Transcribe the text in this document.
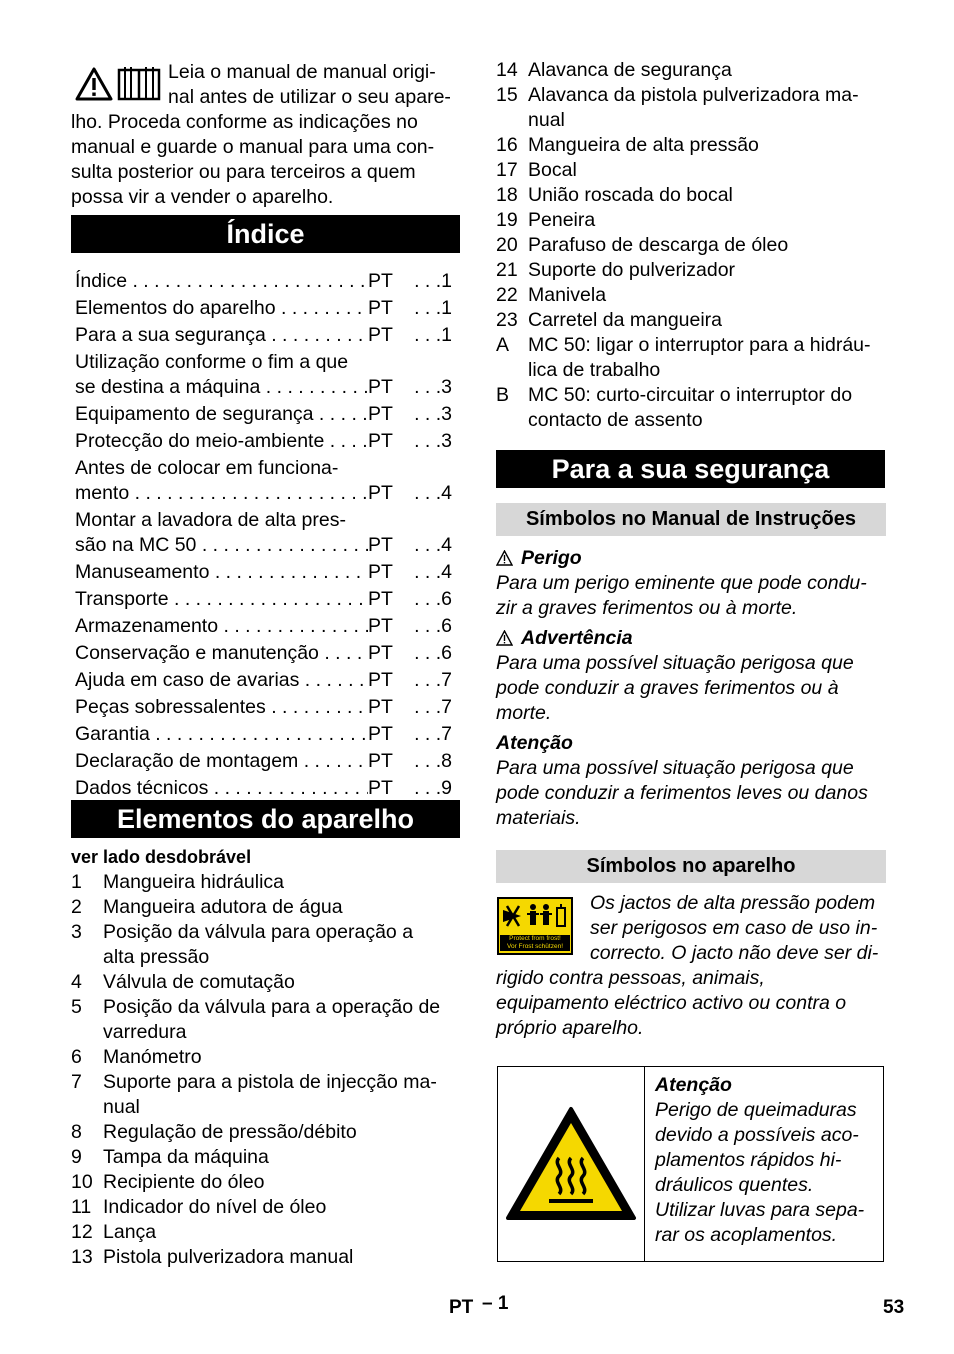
Leia o manual de manual origi-

nal antes de utilizar o seu apare-

lho. Proceda conforme as indicações no

manual e guarde o manual para uma con-

sulta posterior ou para terceiros a quem

possa vir a vender o aparelho.

Índice
Índice . . .	PT	. . .1
Elementos do aparelho . . .	PT	. . .1
Para a sua segurança . . .	PT	. . .1
Utilização conforme o fim a que
se destina a máquina . . .	PT	. . .3
Equipamento de segurança . . .	PT	. . .3
Protecção do meio-ambiente . . .	PT	. . .3
Antes de colocar em funciona-
mento . . .	PT	. . .4
Montar a lavadora de alta pres-
são na MC 50 . . .	PT	. . .4
Manuseamento . . .	PT	. . .4
Transporte . . .	PT	. . .6
Armazenamento . . .	PT	. . .6
Conservação e manutenção . . .	PT	. . .6
Ajuda em caso de avarias . . .	PT	. . .7
Peças sobressalentes . . .	PT	. . .7
Garantia . . .	PT	. . .7
Declaração de montagem . . .	PT	. . .8
Dados técnicos . . .	PT	. . .9
Elementos do aparelho

ver lado desdobrável

1	Mangueira hidráulica
2	Mangueira adutora de água
3	Posição da válvula para operação a
alta pressão
4	Válvula de comutação
5	Posição da válvula para a operação de
varredura
6	Manómetro
7	Suporte para a pistola de injecção ma-
nual
8	Regulação de pressão/débito
9	Tampa da máquina
10 Recipiente do óleo
11 Indicador do nível de óleo
12 Lança
13 Pistola pulverizadora manual
14 Alavanca de segurança
15 Alavanca da pistola pulverizadora ma-
nual
16 Mangueira de alta pressão
17 Bocal
18 União roscada do bocal
19 Peneira
20 Parafuso de descarga de óleo
21 Suporte do pulverizador
22 Manivela
23 Carretel da mangueira
A MC 50: ligar o interruptor para a hidráu-
lica de trabalho
B MC 50: curto-circuitar o interruptor do
contacto de assento
Para a sua segurança
Símbolos no Manual de Instruções

Perigo

Para um perigo eminente que pode condu-

zir a graves ferimentos ou à morte.

Advertência

Para uma possível situação perigosa que

pode conduzir a graves ferimentos ou à

morte.

Atenção

Para uma possível situação perigosa que

pode conduzir a ferimentos leves ou danos

materiais.

Símbolos no aparelho
Protect from frost!
Vor Frost schützen!

Os jactos de alta pressão podem

ser perigosos em caso de uso in-

correcto. O jacto não deve ser di-

rigido contra pessoas, animais,

equipamento eléctrico activo ou contra o

próprio aparelho.

Atenção

Perigo de queimaduras

devido a possíveis aco-

plamentos rápidos hi-

dráulicos quentes.

Utilizar luvas para sepa-

rar os acoplamentos.

PT – 1	53
